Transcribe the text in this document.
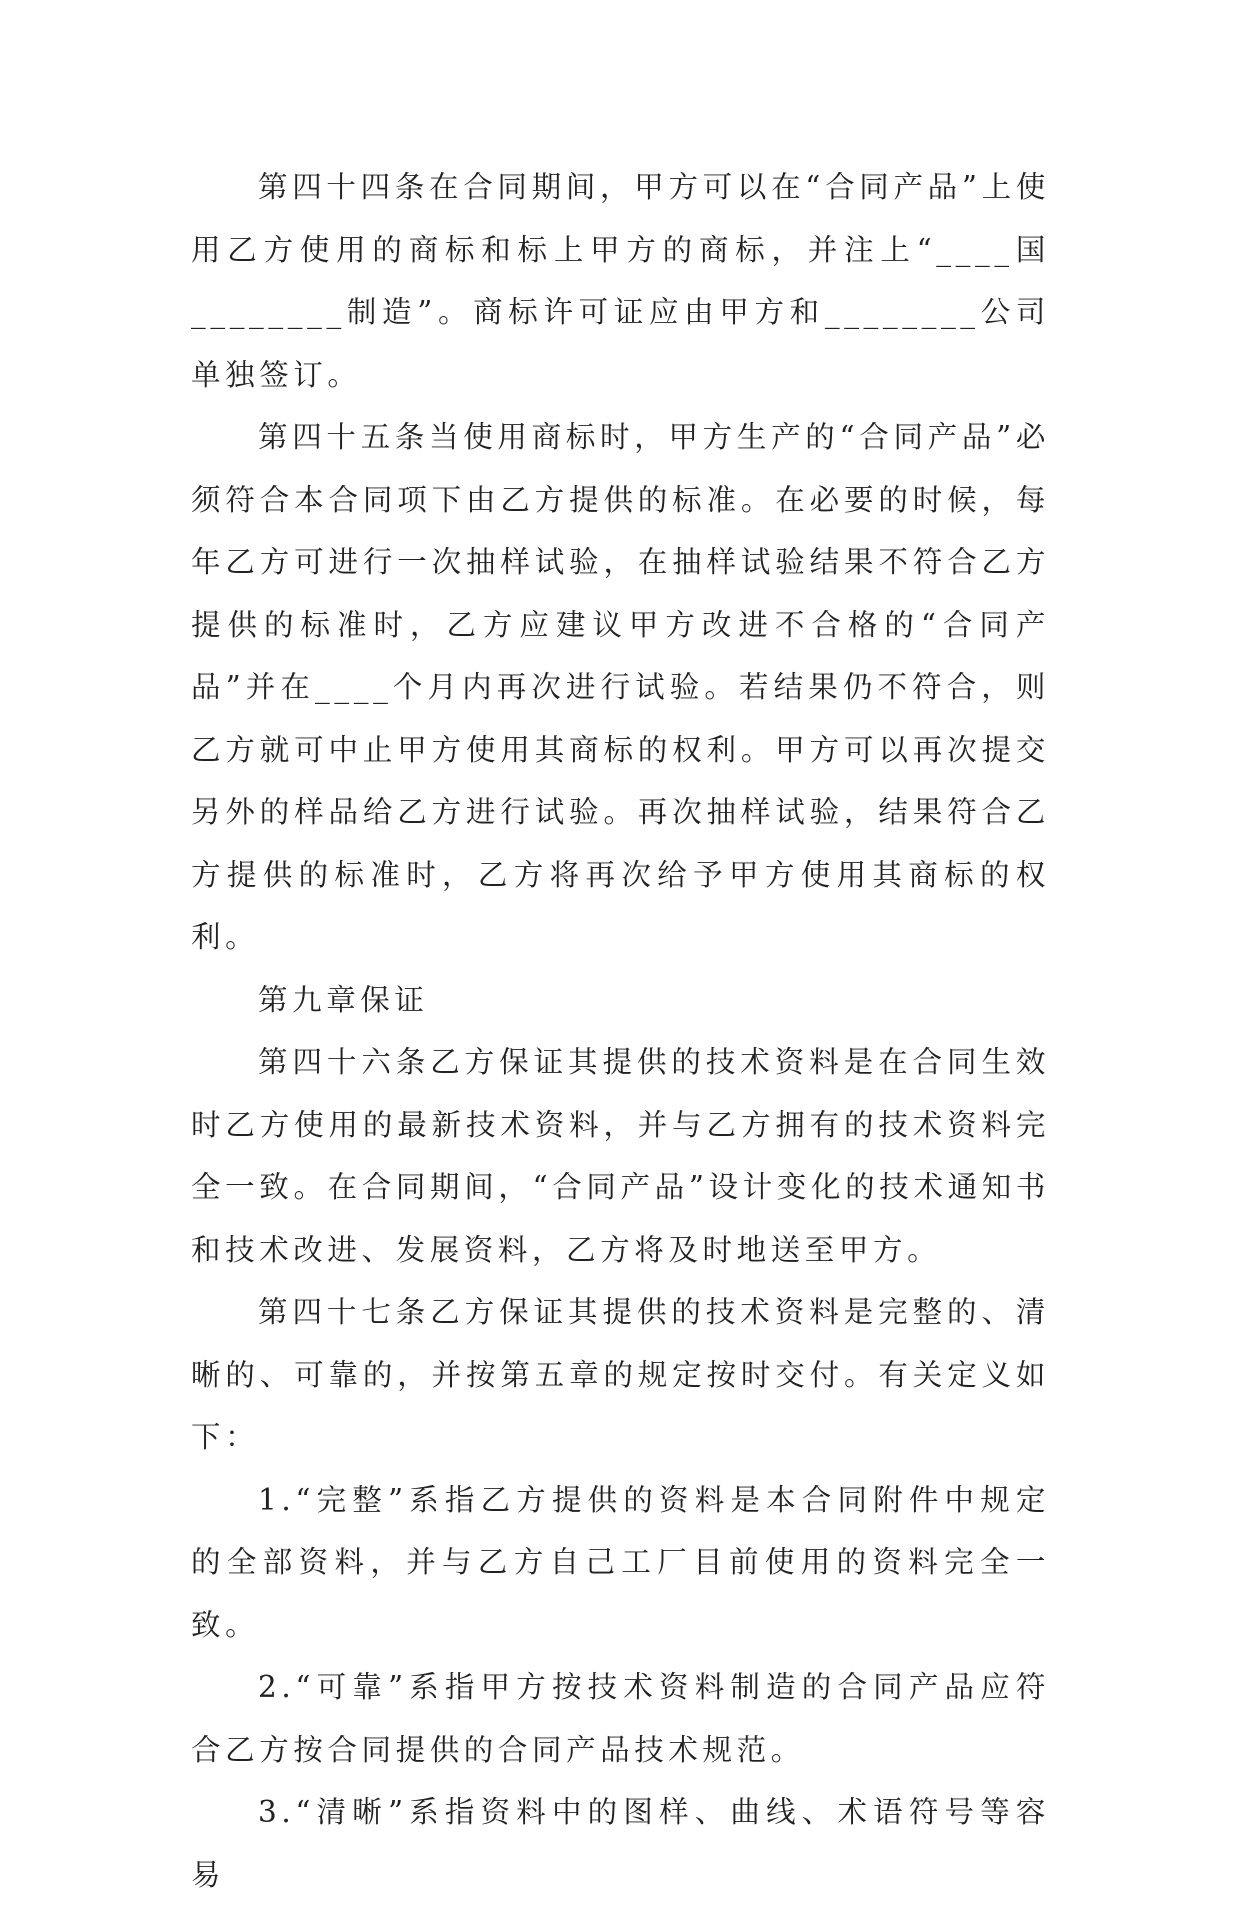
第四十四条在合同期间，甲方可以在“合同产品”上使用乙方使用的商标和标上甲方的商标，并注上“____国________制造”。商标许可证应由甲方和________公司单独签订。

第四十五条当使用商标时，甲方生产的“合同产品”必须符合本合同项下由乙方提供的标准。在必要的时候，每年乙方可进行一次抽样试验，在抽样试验结果不符合乙方提供的标准时，乙方应建议甲方改进不合格的“合同产品”并在____个月内再次进行试验。若结果仍不符合，则乙方就可中止甲方使用其商标的权利。甲方可以再次提交另外的样品给乙方进行试验。再次抽样试验，结果符合乙方提供的标准时，乙方将再次给予甲方使用其商标的权利。

第九章保证

第四十六条乙方保证其提供的技术资料是在合同生效时乙方使用的最新技术资料，并与乙方拥有的技术资料完全一致。在合同期间，“合同产品”设计变化的技术通知书和技术改进、发展资料，乙方将及时地送至甲方。

第四十七条乙方保证其提供的技术资料是完整的、清晰的、可靠的，并按第五章的规定按时交付。有关定义如下：

1.“完整”系指乙方提供的资料是本合同附件中规定的全部资料，并与乙方自己工厂目前使用的资料完全一致。

2.“可靠”系指甲方按技术资料制造的合同产品应符合乙方按合同提供的合同产品技术规范。

3.“清晰”系指资料中的图样、曲线、术语符号等容易
